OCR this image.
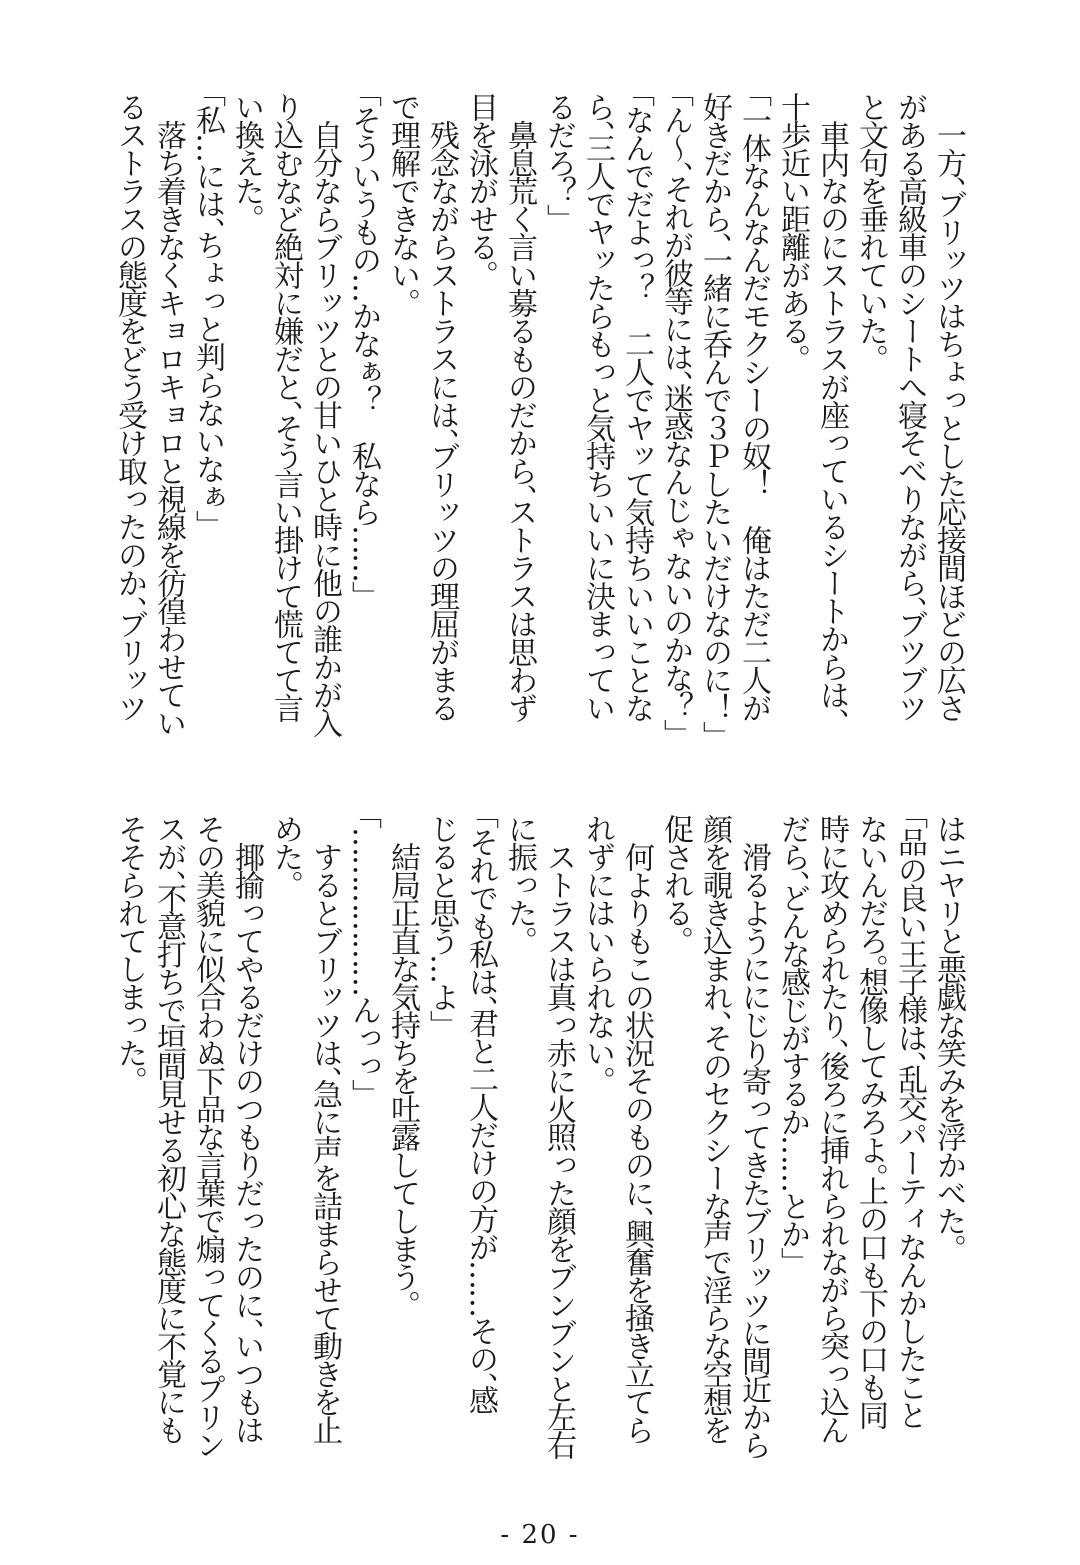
　一方、ブリッツはちょっとした応接間ほどの広さ
がある高級車のシートへ寝そべりながら、ブツブツ
と文句を垂れていた。
　車内なのにストラスが座っているシートからは、
十歩近い距離がある。
「一体なんなんだモクシーの奴！　俺はただ二人が
好きだから、一緒に呑んで３Ｐしたいだけなのに！」
「ん～、それが彼等には、迷惑なんじゃないのかな？」
「なんでだよっ？　二人でヤッて気持ちいいことな
ら、三人でヤッたらもっと気持ちいいに決まってい
るだろ？」
　鼻息荒く言い募るものだから、ストラスは思わず
目を泳がせる。
　残念ながらストラスには、ブリッツの理屈がまる
で理解できない。
「そういうもの…かなぁ？　私なら……」
　自分ならブリッツとの甘いひと時に他の誰かが入
り込むなど絶対に嫌だと、そう言い掛けて慌てて言
い換えた。
「私…には、ちょっと判らないなぁ」
　落ち着きなくキョロキョロと視線を彷徨わせてい
るストラスの態度をどう受け取ったのか、ブリッツ
はニヤリと悪戯な笑みを浮かべた。
「品の良い王子様は、乱交パーティなんかしたこと
ないんだろ。想像してみろよ。上の口も下の口も同
時に攻められたり、後ろに挿れられながら突っ込ん
だら、どんな感じがするか……とか」
　滑るようににじり寄ってきたブリッツに間近から
顔を覗き込まれ、そのセクシーな声で淫らな空想を
促される。
　何よりもこの状況そのものに、興奮を掻き立てら
れずにはいられない。
　ストラスは真っ赤に火照った顔をブンブンと左右
に振った。
「それでも私は、君と二人だけの方が……その、感
じると思う…よ」
　結局正直な気持ちを吐露してしまう。
「………………んっっ」
　するとブリッツは、急に声を詰まらせて動きを止
めた。
　揶揄ってやるだけのつもりだったのに、いつもは
その美貌に似合わぬ下品な言葉で煽ってくるプリン
スが、不意打ちで垣間見せる初心な態度に不覚にも
そそられてしまった。
- 20 -
